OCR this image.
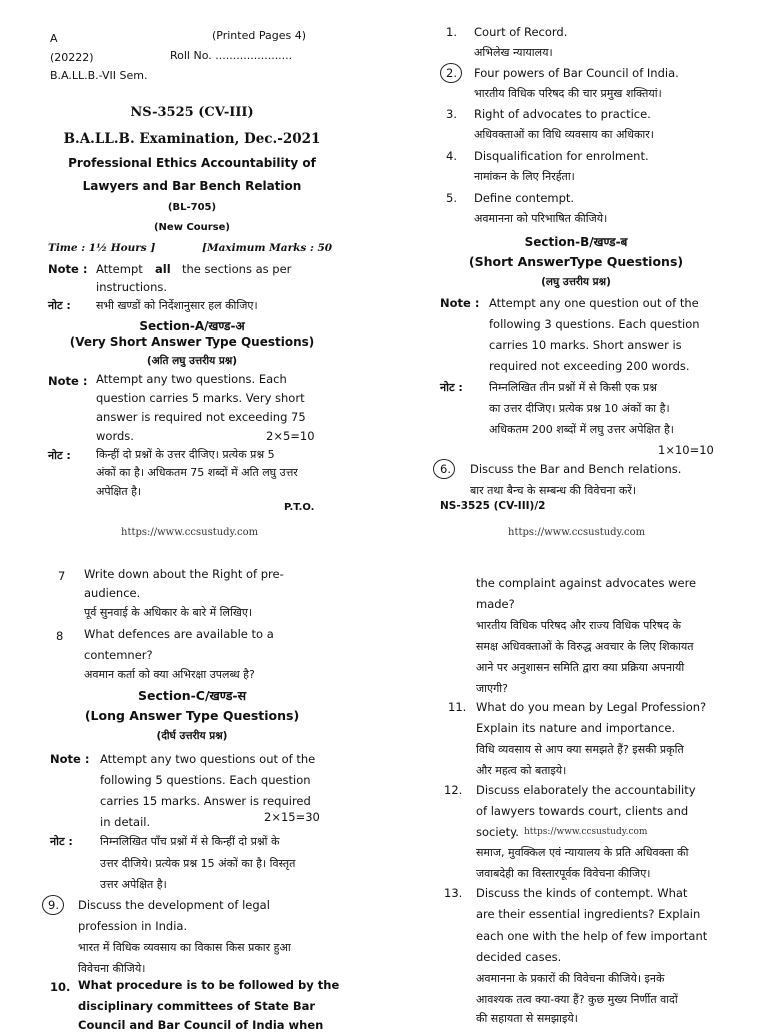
A	(Printed Pages 4)
(20222)	Roll No. ......................
B.A.LL.B.-VII Sem.
NS-3525 (CV-III)
B.A.LL.B. Examination, Dec.-2021
Professional Ethics Accountability of
Lawyers and Bar Bench Relation
(BL-705)
(New Course)
Time : 1½ Hours ]	[Maximum Marks : 50
Note : Attempt all the sections as per
instructions.
नोट : सभी खण्डों को निर्देशानुसार हल कीजिए।
Section-A/खण्ड-अ
(Very Short Answer Type Questions)
(अति लघु उत्तरीय प्रश्न)
Note : Attempt any two questions. Each
question carries 5 marks. Very short
answer is required not exceeding 75
words.	2×5=10
नोट : किन्हीं दो प्रश्नों के उत्तर दीजिए। प्रत्येक प्रश्न 5
अंकों का है। अधिकतम 75 शब्दों में अति लघु उत्तर
अपेक्षित है।
P.T.O.
https://www.ccsustudy.com
1. Court of Record.
अभिलेख न्यायालय।
2. Four powers of Bar Council of India.
भारतीय विधिक परिषद की चार प्रमुख शक्तियां।
3. Right of advocates to practice.
अधिवक्ताओं का विधि व्यवसाय का अधिकार।
4. Disqualification for enrolment.
नामांकन के लिए निरर्हता।
5. Define contempt.
अवमानना को परिभाषित कीजिये।
Section-B/खण्ड-ब
(Short AnswerType Questions)
(लघु उत्तरीय प्रश्न)
Note : Attempt any one question out of the
following 3 questions. Each question
carries 10 marks. Short answer is
required not exceeding 200 words.
नोट : निम्नलिखित तीन प्रश्नों में से किसी एक प्रश्न
का उत्तर दीजिए। प्रत्येक प्रश्न 10 अंकों का है।
अधिकतम 200 शब्दों में लघु उत्तर अपेक्षित है।
1×10=10
6. Discuss the Bar and Bench relations.
बार तथा बैन्च के सम्बन्ध की विवेचना करें।
NS-3525 (CV-III)/2
https://www.ccsustudy.com
7 Write down about the Right of pre-
audience.
पूर्व सुनवाई के अधिकार के बारे में लिखिए।
8 What defences are available to a
contemner?
अवमान कर्ता को क्या अभिरक्षा उपलब्ध है?
Section-C/खण्ड-स
(Long Answer Type Questions)
(दीर्घ उत्तरीय प्रश्न)
Note : Attempt any two questions out of the
following 5 questions. Each question
carries 15 marks. Answer is required
in detail.	2×15=30
नोट : निम्नलिखित पाँच प्रश्नों में से किन्हीं दो प्रश्नों के
उत्तर दीजिये। प्रत्येक प्रश्न 15 अंकों का है। विस्तृत
उत्तर अपेक्षित है।
9. Discuss the development of legal
profession in India.
भारत में विधिक व्यवसाय का विकास किस प्रकार हुआ
विवेचना कीजिये।
10. What procedure is to be followed by the
disciplinary committees of State Bar
Council and Bar Council of India when
the complaint against advocates were
made?
भारतीय विधिक परिषद और राज्य विधिक परिषद के
समक्ष अधिवक्ताओं के विरुद्ध अवचार के लिए शिकायत
आने पर अनुशासन समिति द्वारा क्या प्रक्रिया अपनायी
जाएगी?
11. What do you mean by Legal Profession?
Explain its nature and importance.
विधि व्यवसाय से आप क्या समझते हैं? इसकी प्रकृति
और महत्व को बताइये।
12. Discuss elaborately the accountability
of lawyers towards court, clients and
society. https://www.ccsustudy.com
समाज, मुवक्किल एवं न्यायालय के प्रति अधिवक्ता की
जवाबदेही का विस्तारपूर्वक विवेचना कीजिए।
13. Discuss the kinds of contempt. What
are their essential ingredients? Explain
each one with the help of few important
decided cases.
अवमानना के प्रकारों की विवेचना कीजिये। इनके
आवश्यक तत्व क्या-क्या हैं? कुछ मुख्य निर्णीत वादों
की सहायता से समझाइये।
